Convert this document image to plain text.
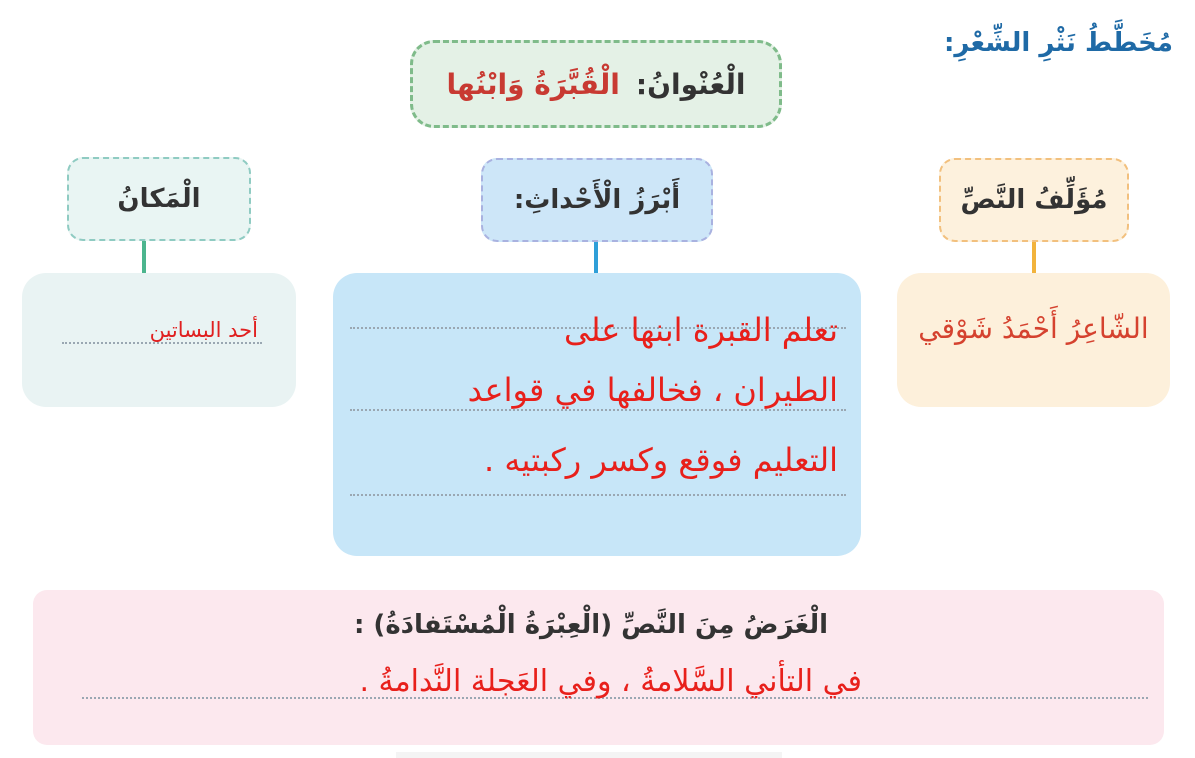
مُخَطَّطُ نَثْرِ الشِّعْرِ:
الْعُنْوانُ:
الْقُبَّرَةُ وَابْنُها
الْمَكانُ	أَبْرَزُ الْأَحْداثِ:	مُؤَلِّفُ النَّصِّ
أحد البساتين	تعلم القبرة ابنها على
الطيران ، فخالفها في قواعد
التعليم فوقع وكسر ركبتيه .
الشّاعِرُ أَحْمَدُ شَوْقي
الْغَرَضُ مِنَ النَّصِّ (الْعِبْرَةُ الْمُسْتَفادَةُ) :
في التأني السَّلامةُ ، وفي العَجلة النَّدامةُ .
